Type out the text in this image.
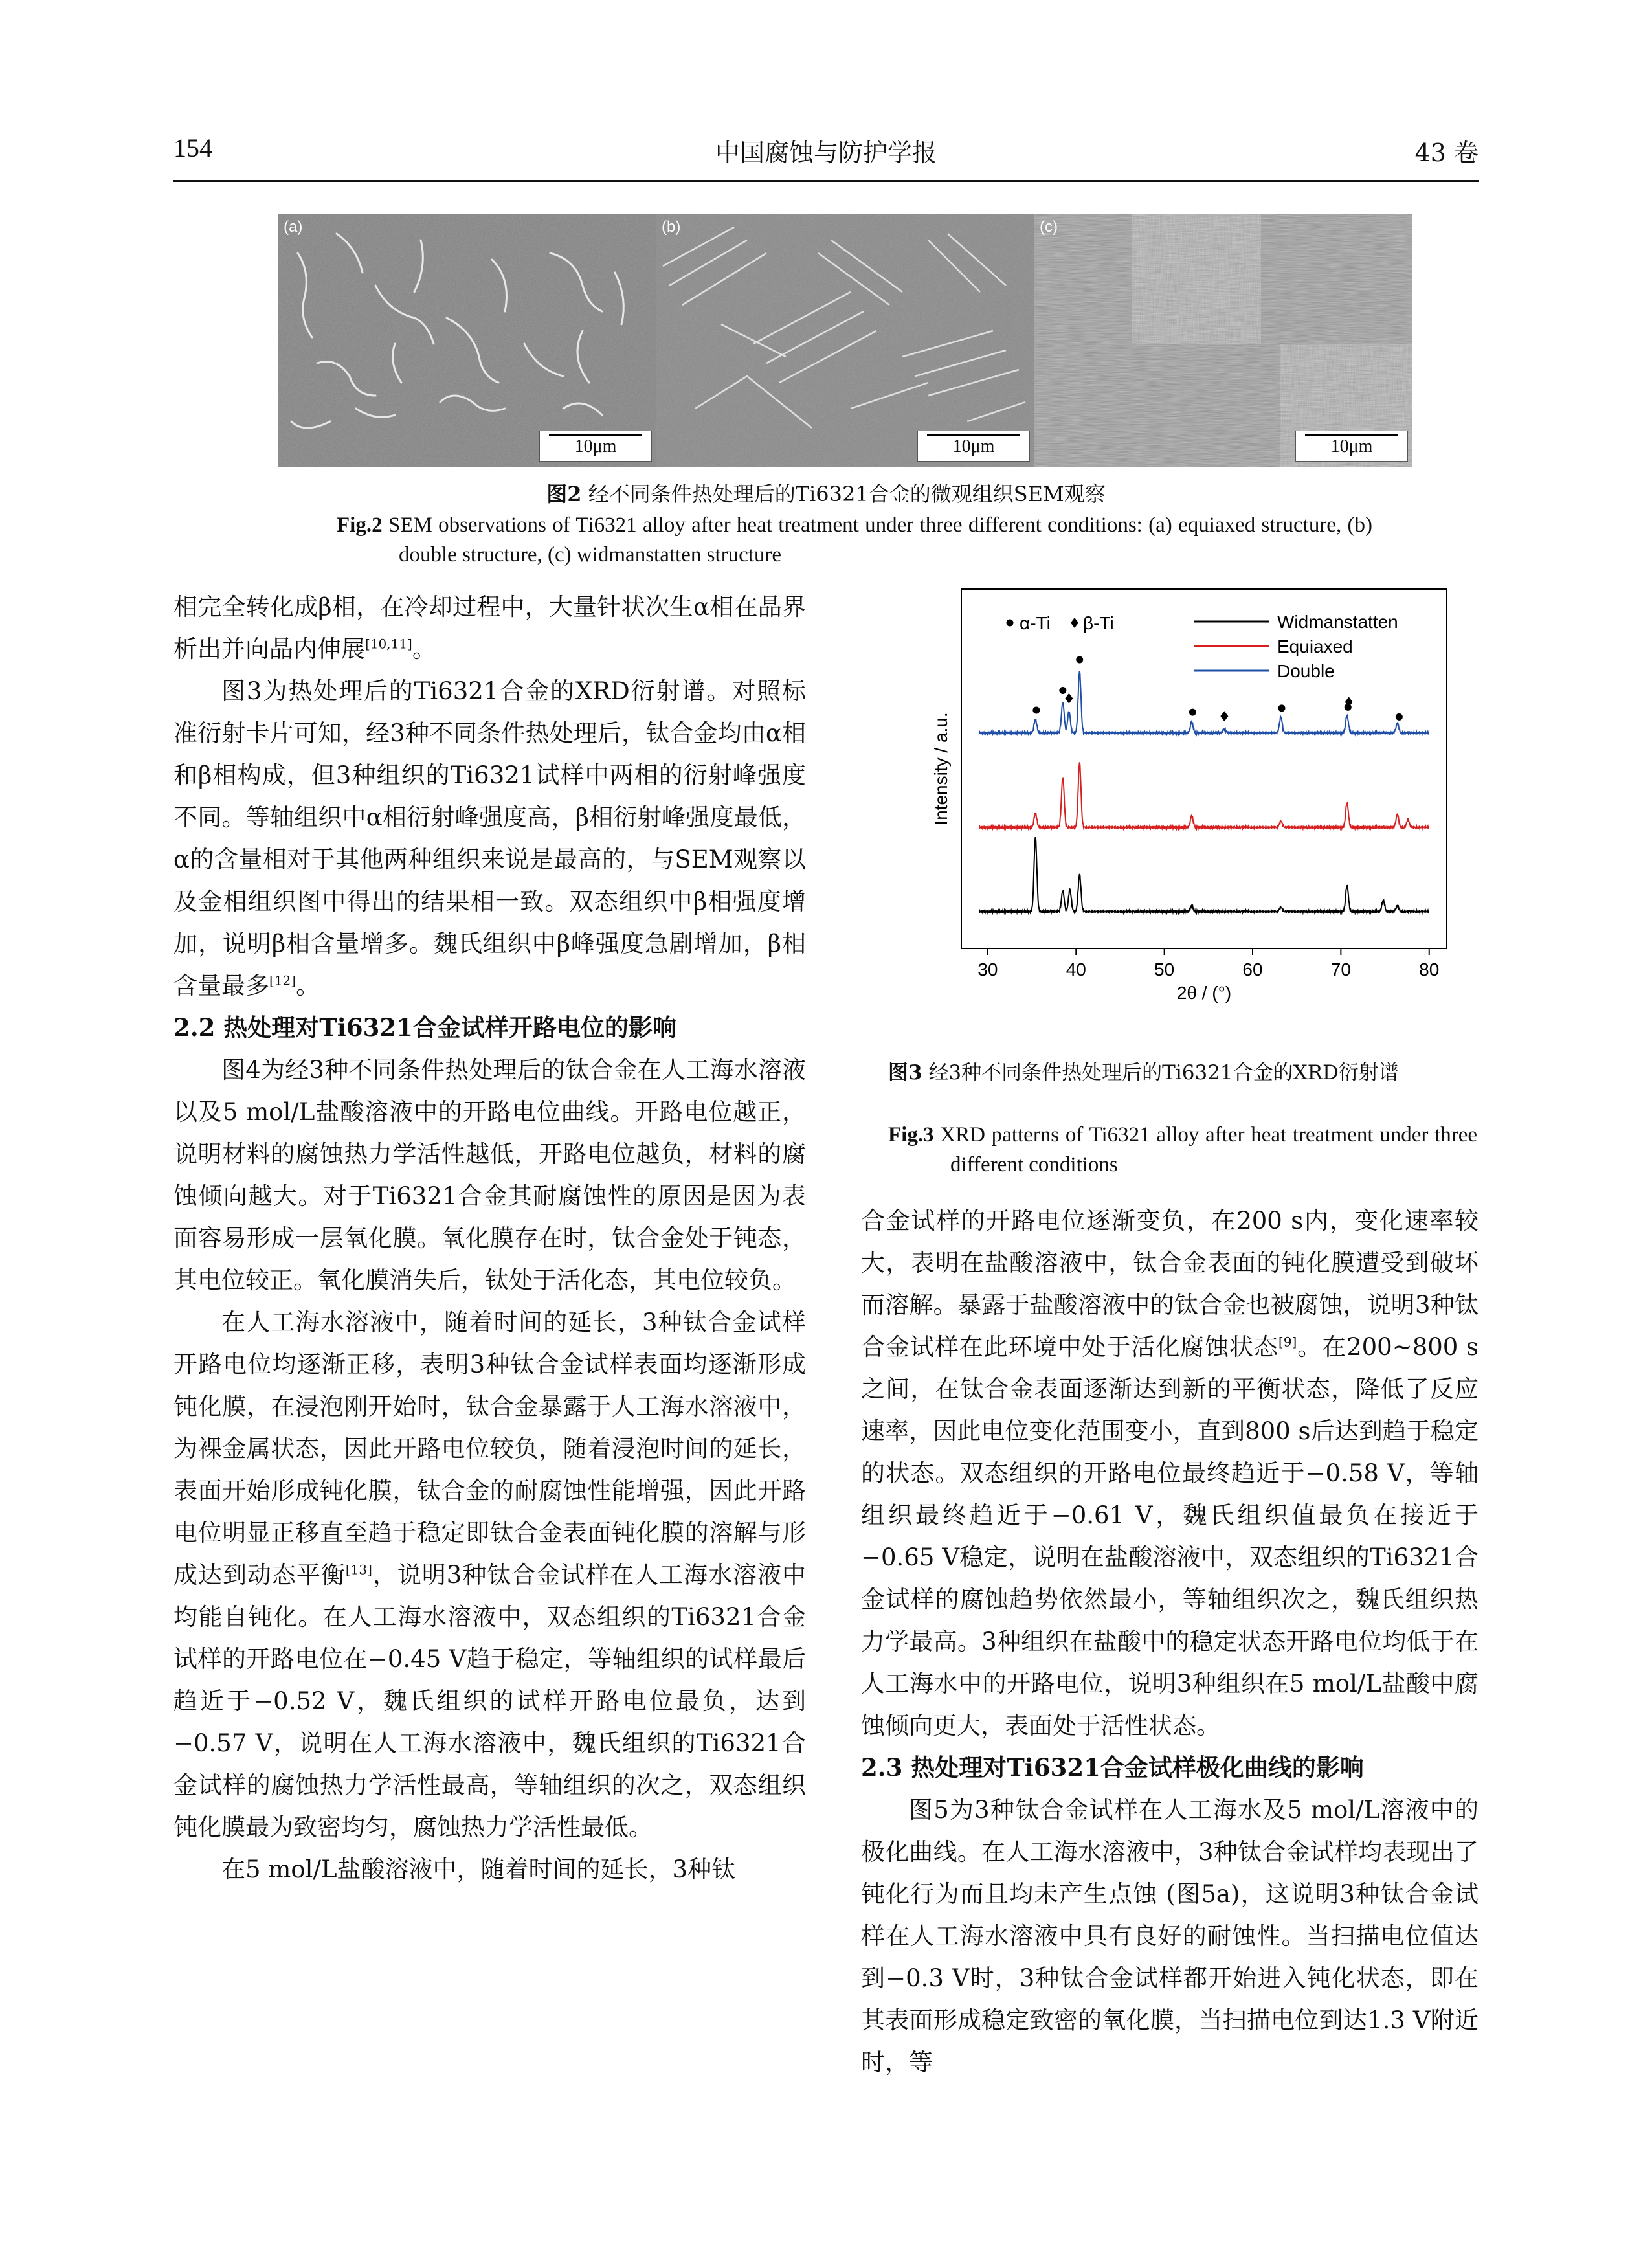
154	中国腐蚀与防护学报	43 卷
(a)
10μm
(b)
10μm
(c)
10μm
图2 经不同条件热处理后的Ti6321合金的微观组织SEM观察
Fig.2 SEM observations of Ti6321 alloy after heat treatment under three different conditions: (a) equiaxed structure, (b) double structure, (c) widmanstatten structure

相完全转化成β相，在冷却过程中，大量针状次生α相在晶界析出并向晶内伸展[10,11]。

图3为热处理后的Ti6321合金的XRD衍射谱。对照标准衍射卡片可知，经3种不同条件热处理后，钛合金均由α相和β相构成，但3种组织的Ti6321试样中两相的衍射峰强度不同。等轴组织中α相衍射峰强度高，β相衍射峰强度最低，α的含量相对于其他两种组织来说是最高的，与SEM观察以及金相组织图中得出的结果相一致。双态组织中β相强度增加，说明β相含量增多。魏氏组织中β峰强度急剧增加，β相含量最多[12]。

2.2 热处理对Ti6321合金试样开路电位的影响

图4为经3种不同条件热处理后的钛合金在人工海水溶液以及5 mol/L盐酸溶液中的开路电位曲线。开路电位越正，说明材料的腐蚀热力学活性越低，开路电位越负，材料的腐蚀倾向越大。对于Ti6321合金其耐腐蚀性的原因是因为表面容易形成一层氧化膜。氧化膜存在时，钛合金处于钝态，其电位较正。氧化膜消失后，钛处于活化态，其电位较负。

在人工海水溶液中，随着时间的延长，3种钛合金试样开路电位均逐渐正移，表明3种钛合金试样表面均逐渐形成钝化膜，在浸泡刚开始时，钛合金暴露于人工海水溶液中，为裸金属状态，因此开路电位较负，随着浸泡时间的延长，表面开始形成钝化膜，钛合金的耐腐蚀性能增强，因此开路电位明显正移直至趋于稳定即钛合金表面钝化膜的溶解与形成达到动态平衡[13]，说明3种钛合金试样在人工海水溶液中均能自钝化。在人工海水溶液中，双态组织的Ti6321合金试样的开路电位在−0.45 V趋于稳定，等轴组织的试样最后趋近于−0.52 V，魏氏组织的试样开路电位最负，达到−0.57 V，说明在人工海水溶液中，魏氏组织的Ti6321合金试样的腐蚀热力学活性最高，等轴组织的次之，双态组织钝化膜最为致密均匀，腐蚀热力学活性最低。

在5 mol/L盐酸溶液中，随着时间的延长，3种钛

30	40	50	60	70	80
2θ / (°)
Intensity / a.u.
α-Ti β-Ti	Widmanstatten
Equiaxed
Double
图3 经3种不同条件热处理后的Ti6321合金的XRD衍射谱
Fig.3 XRD patterns of Ti6321 alloy after heat treatment under three different conditions

合金试样的开路电位逐渐变负，在200 s内，变化速率较大，表明在盐酸溶液中，钛合金表面的钝化膜遭受到破坏而溶解。暴露于盐酸溶液中的钛合金也被腐蚀，说明3种钛合金试样在此环境中处于活化腐蚀状态[9]。在200~800 s之间，在钛合金表面逐渐达到新的平衡状态，降低了反应速率，因此电位变化范围变小，直到800 s后达到趋于稳定的状态。双态组织的开路电位最终趋近于−0.58 V，等轴组织最终趋近于−0.61 V，魏氏组织值最负在接近于−0.65 V稳定，说明在盐酸溶液中，双态组织的Ti6321合金试样的腐蚀趋势依然最小，等轴组织次之，魏氏组织热力学最高。3种组织在盐酸中的稳定状态开路电位均低于在人工海水中的开路电位，说明3种组织在5 mol/L盐酸中腐蚀倾向更大，表面处于活性状态。

2.3 热处理对Ti6321合金试样极化曲线的影响

图5为3种钛合金试样在人工海水及5 mol/L溶液中的极化曲线。在人工海水溶液中，3种钛合金试样均表现出了钝化行为而且均未产生点蚀 (图5a)，这说明3种钛合金试样在人工海水溶液中具有良好的耐蚀性。当扫描电位值达到−0.3 V时，3种钛合金试样都开始进入钝化状态，即在其表面形成稳定致密的氧化膜，当扫描电位到达1.3 V附近时，等
